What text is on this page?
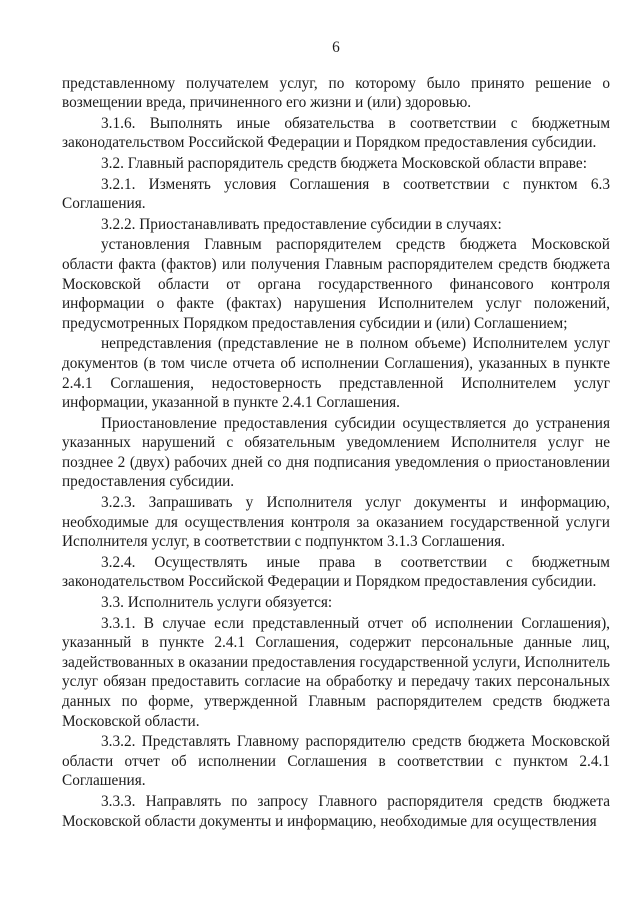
6

представленному получателем услуг, по которому было принято решение о возмещении вреда, причиненного его жизни и (или) здоровью.

3.1.6. Выполнять иные обязательства в соответствии с бюджетным законодательством Российской Федерации и Порядком предоставления субсидии.

3.2. Главный распорядитель средств бюджета Московской области вправе:

3.2.1. Изменять условия Соглашения в соответствии с пунктом 6.3 Соглашения.

3.2.2. Приостанавливать предоставление субсидии в случаях:

установления Главным распорядителем средств бюджета Московской области факта (фактов) или получения Главным распорядителем средств бюджета Московской области от органа государственного финансового контроля информации о факте (фактах) нарушения Исполнителем услуг положений, предусмотренных Порядком предоставления субсидии и (или) Соглашением;

непредставления (представление не в полном объеме) Исполнителем услуг документов (в том числе отчета об исполнении Соглашения), указанных в пункте 2.4.1 Соглашения, недостоверность представленной Исполнителем услуг информации, указанной в пункте 2.4.1 Соглашения.

Приостановление предоставления субсидии осуществляется до устранения указанных нарушений с обязательным уведомлением Исполнителя услуг не позднее 2 (двух) рабочих дней со дня подписания уведомления о приостановлении предоставления субсидии.

3.2.3. Запрашивать у Исполнителя услуг документы и информацию, необходимые для осуществления контроля за оказанием государственной услуги Исполнителя услуг, в соответствии с подпунктом 3.1.3 Соглашения.

3.2.4. Осуществлять иные права в соответствии с бюджетным законодательством Российской Федерации и Порядком предоставления субсидии.

3.3. Исполнитель услуги обязуется:

3.3.1. В случае если представленный отчет об исполнении Соглашения), указанный в пункте 2.4.1 Соглашения, содержит персональные данные лиц, задействованных в оказании предоставления государственной услуги, Исполнитель услуг обязан предоставить согласие на обработку и передачу таких персональных данных по форме, утвержденной Главным распорядителем средств бюджета Московской области.

3.3.2. Представлять Главному распорядителю средств бюджета Московской области отчет об исполнении Соглашения в соответствии с пунктом 2.4.1 Соглашения.

3.3.3. Направлять по запросу Главного распорядителя средств бюджета Московской области документы и информацию, необходимые для осуществления
